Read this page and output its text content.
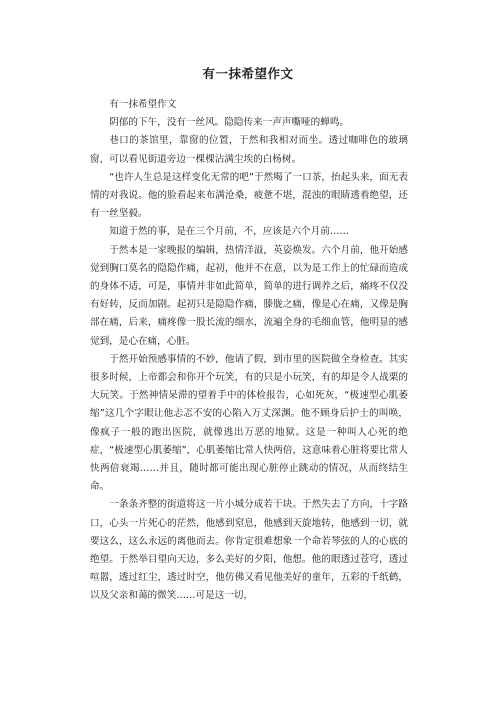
有一抹希望作文

有一抹希望作文

阴郁的下午，没有一丝风。隐隐传来一声声嘶哑的蝉鸣。

巷口的茶馆里，靠窗的位置，于然和我相对而坐。透过咖啡色的玻璃窗，可以看见街道旁边一棵棵沾满尘埃的白杨树。

“也许人生总是这样变化无常的吧”于然喝了一口茶，抬起头来，面无表情的对我说。他的脸看起来布满沧桑，疲惫不堪，混浊的眼睛透着绝望，还有一丝坚毅。

知道于然的事，是在三个月前，不，应该是六个月前……

于然本是一家晚报的编辑，热情洋溢，英姿焕发。六个月前，他开始感觉到胸口莫名的隐隐作痛，起初，他并不在意，以为是工作上的忙碌而造成的身体不适，可是，事情并非如此简单，简单的进行调养之后，痛疼不仅没有好转，反而加剧。起初只是隐隐作痛，滕胧之痛，像是心在痛，又像是胸部在痛，后来，痛疼像一股长流的细水，流遍全身的毛细血管，他明显的感觉到，是心在痛，心脏。

于然开始预感事情的不妙，他请了假，到市里的医院做全身检查。其实很多时候，上帝都会和你开个玩笑，有的只是小玩笑，有的却是令人战栗的大玩笑。于然神情呆滞的望着手中的体检报告，心如死灰，“极速型心肌萎缩”这几个字眼让他忐忑不安的心陷入万丈深渊。他不顾身后护士的叫唤，像疯子一般的跑出医院，就像逃出万恶的地狱。这是一种叫人心死的绝症，“极速型心肌萎缩”，心肌萎缩比常人快两倍，这意味着心脏将要比常人快两倍衰竭……并且，随时都可能出现心脏停止跳动的情况，从而终结生命。

一条条齐整的街道将这一片小城分成若干块。于然失去了方向，十字路口，心头一片死心的茫然，他感到窒息，他感到天旋地转，他感到一切，就要这么，这么永远的离他而去。你肯定很难想象一个命若琴弦的人的心底的绝望。于然举目望向天边，多么美好的夕阳，他想。他的眼透过苍穹，透过喧嚣，透过红尘，透过时空，他仿佛又看见他美好的童年，五彩的千纸鹤，以及父亲和蔼的微笑……可是这一切，
